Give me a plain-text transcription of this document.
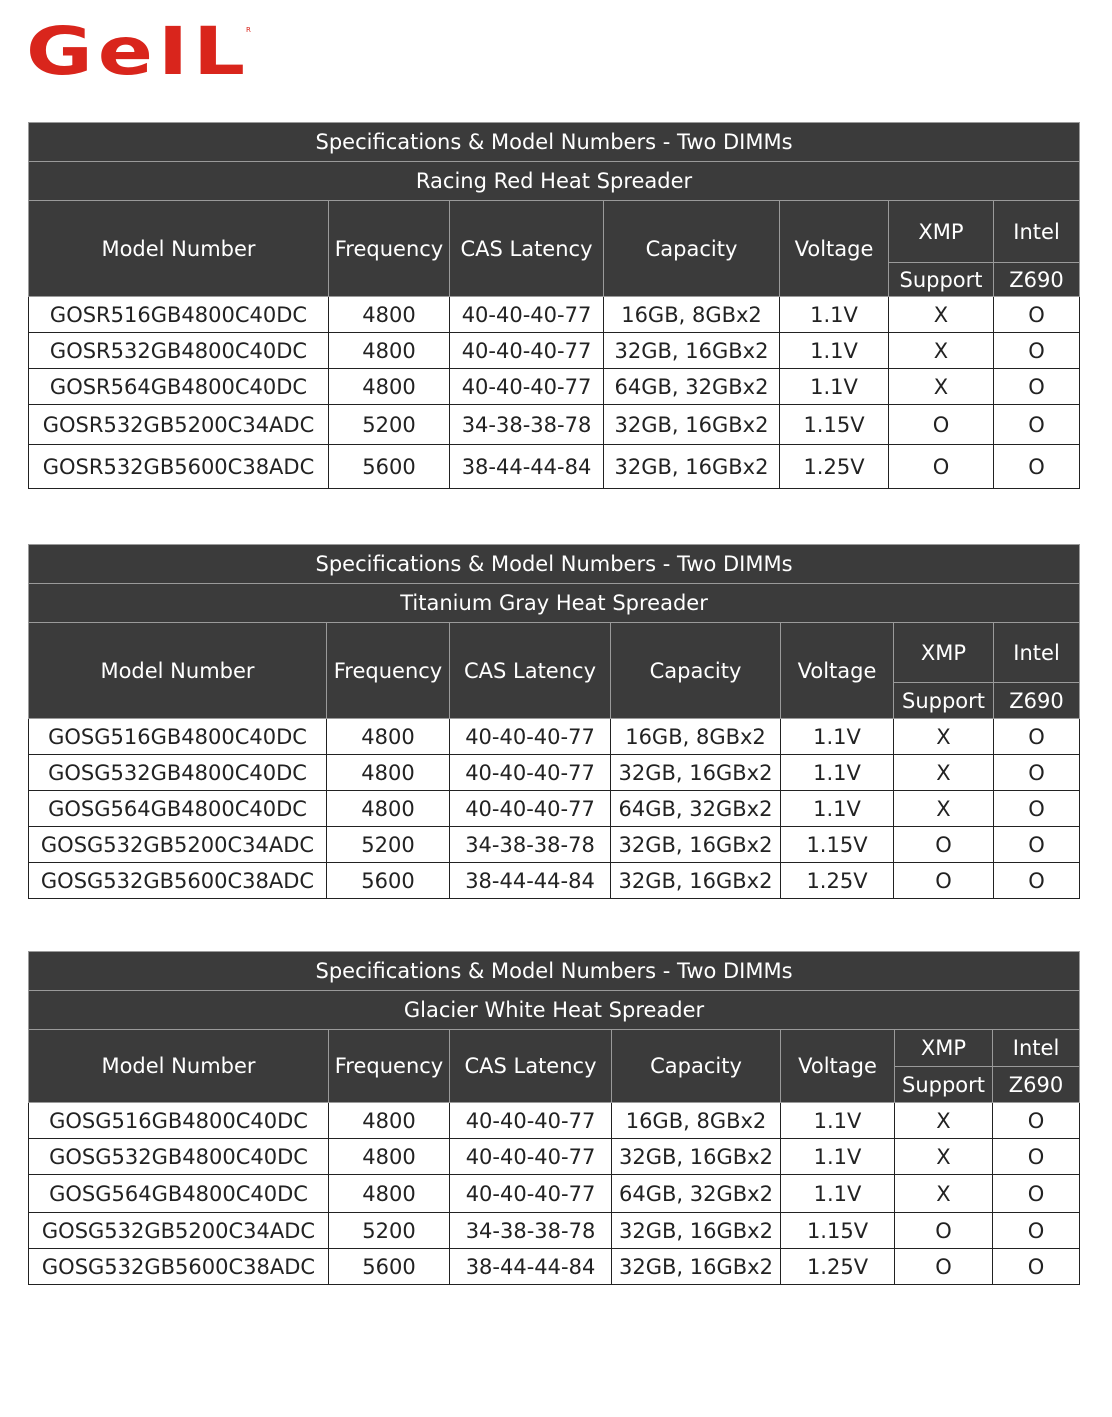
GeIL
R
Specifications & Model Numbers - Two DIMMs						
Racing Red Heat Spreader						
Model Number	Frequency	CAS Latency	Capacity	Voltage	XMP	Intel
					Support	Z690
GOSR516GB4800C40DC	4800	40-40-40-77	16GB, 8GBx2	1.1V	X	O
GOSR532GB4800C40DC	4800	40-40-40-77	32GB, 16GBx2	1.1V	X	O
GOSR564GB4800C40DC	4800	40-40-40-77	64GB, 32GBx2	1.1V	X	O
GOSR532GB5200C34ADC	5200	34-38-38-78	32GB, 16GBx2	1.15V	O	O
GOSR532GB5600C38ADC	5600	38-44-44-84	32GB, 16GBx2	1.25V	O	O
Specifications & Model Numbers - Two DIMMs						
Titanium Gray Heat Spreader						
Model Number	Frequency	CAS Latency	Capacity	Voltage	XMP	Intel
					Support	Z690
GOSG516GB4800C40DC	4800	40-40-40-77	16GB, 8GBx2	1.1V	X	O
GOSG532GB4800C40DC	4800	40-40-40-77	32GB, 16GBx2	1.1V	X	O
GOSG564GB4800C40DC	4800	40-40-40-77	64GB, 32GBx2	1.1V	X	O
GOSG532GB5200C34ADC	5200	34-38-38-78	32GB, 16GBx2	1.15V	O	O
GOSG532GB5600C38ADC	5600	38-44-44-84	32GB, 16GBx2	1.25V	O	O
Specifications & Model Numbers - Two DIMMs						
Glacier White Heat Spreader						
Model Number	Frequency	CAS Latency	Capacity	Voltage	XMP	Intel
					Support	Z690
GOSG516GB4800C40DC	4800	40-40-40-77	16GB, 8GBx2	1.1V	X	O
GOSG532GB4800C40DC	4800	40-40-40-77	32GB, 16GBx2	1.1V	X	O
GOSG564GB4800C40DC	4800	40-40-40-77	64GB, 32GBx2	1.1V	X	O
GOSG532GB5200C34ADC	5200	34-38-38-78	32GB, 16GBx2	1.15V	O	O
GOSG532GB5600C38ADC	5600	38-44-44-84	32GB, 16GBx2	1.25V	O	O
